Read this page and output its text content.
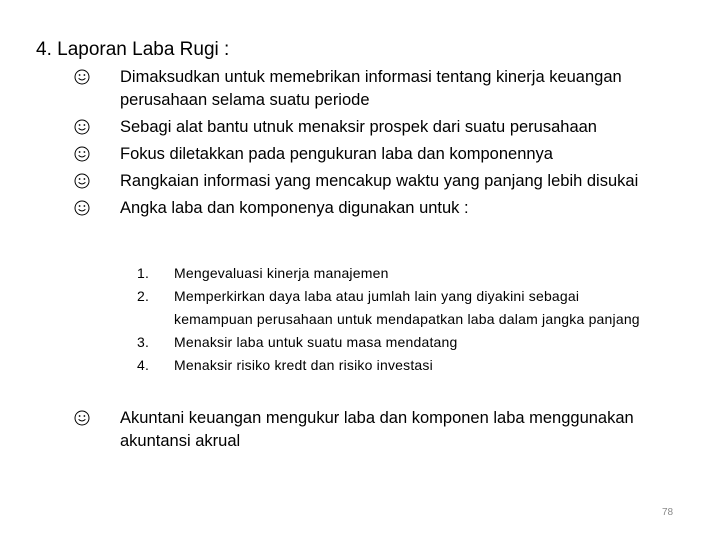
4. Laporan Laba Rugi :
Dimaksudkan untuk memebrikan informasi tentang kinerja keuangan perusahaan selama suatu periode
Sebagi alat bantu utnuk menaksir prospek dari suatu perusahaan
Fokus diletakkan pada pengukuran laba dan komponennya
Rangkaian informasi yang mencakup waktu yang panjang lebih disukai
Angka laba dan komponenya digunakan untuk :
1. Mengevaluasi kinerja manajemen
2. Memperkirkan daya laba atau jumlah lain yang diyakini sebagai kemampuan perusahaan untuk mendapatkan laba dalam jangka panjang
3. Menaksir laba untuk suatu masa mendatang
4. Menaksir risiko kredt dan risiko investasi
Akuntani keuangan mengukur laba dan komponen laba menggunakan akuntansi akrual
78
